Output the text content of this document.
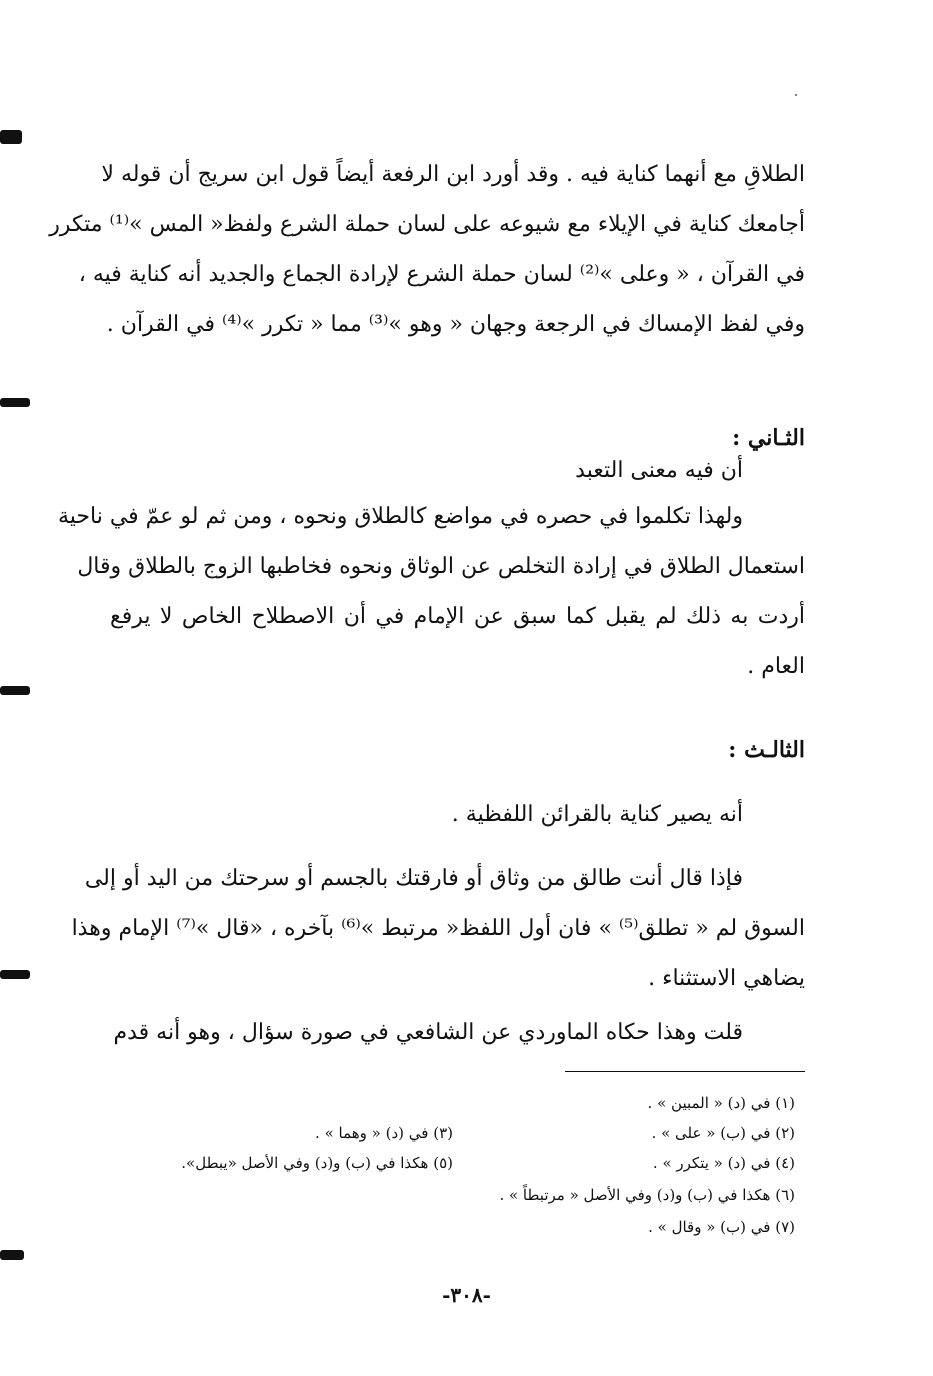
الطلاقِ مع أنهما كناية فيه . وقد أورد ابن الرفعة أيضاً قول ابن سريج أن قوله لا
أجامعك كناية في الإيلاء مع شيوعه على لسان حملة الشرع ولفظ« المس »⁽¹⁾ متكرر
في القرآن ، « وعلى »⁽²⁾ لسان حملة الشرع لإرادة الجماع والجديد أنه كناية فيه ،
وفي لفظ الإمساك في الرجعة وجهان « وهو »⁽³⁾ مما « تكرر »⁽⁴⁾ في القرآن .
الثـاني :
أن فيه معنى التعبد
ولهذا تكلموا في حصره في مواضع كالطلاق ونحوه ، ومن ثم لو عمّ في ناحية
استعمال الطلاق في إرادة التخلص عن الوثاق ونحوه فخاطبها الزوج بالطلاق وقال
أردت به ذلك لم يقبل كما سبق عن الإمام في أن الاصطلاح الخاص لا يرفع
العام .
الثالـث :
أنه يصير كناية بالقرائن اللفظية .
فإذا قال أنت طالق من وثاق أو فارقتك بالجسم أو سرحتك من اليد أو إلى
السوق لم « تطلق⁽⁵⁾ » فان أول اللفظ« مرتبط »⁽⁶⁾ بآخره ، «قال »⁽⁷⁾ الإمام وهذا
يضاهي الاستثناء .
قلت وهذا حكاه الماوردي عن الشافعي في صورة سؤال ، وهو أنه قدم
(١) في (د) « المبين » .
(٢) في (ب) « على » .
(٣) في (د) « وهما » .
(٤) في (د) « يتكرر » .
(٥) هكذا في (ب) و(د) وفي الأصل «يبطل».
(٦) هكذا في (ب) و(د) وفي الأصل « مرتبطاً » .
(٧) في (ب) « وقال » .
-٣٠٨-
